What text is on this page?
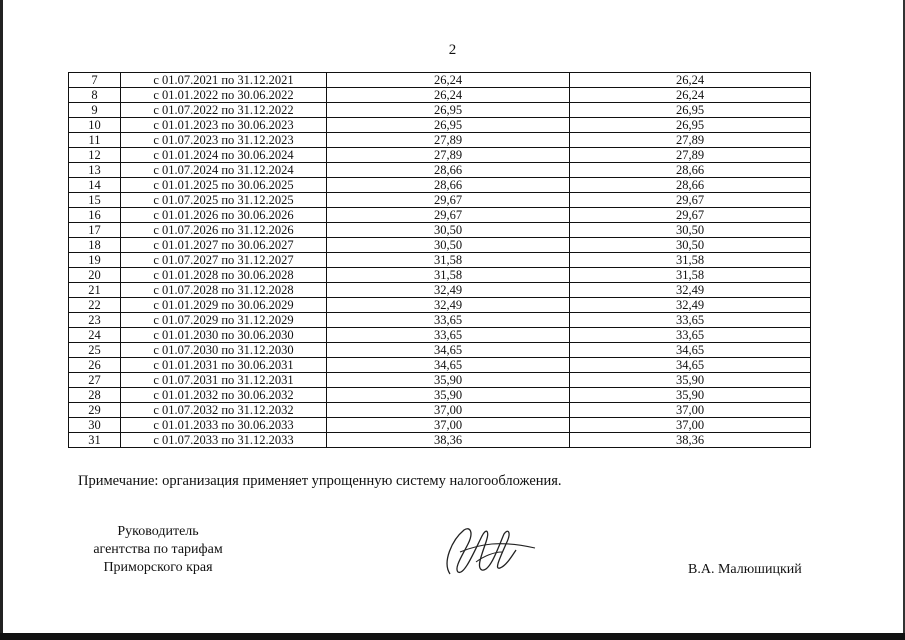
2
7	с 01.07.2021 по 31.12.2021	26,24	26,24
8	с 01.01.2022 по 30.06.2022	26,24	26,24
9	с 01.07.2022 по 31.12.2022	26,95	26,95
10	с 01.01.2023 по 30.06.2023	26,95	26,95
11	с 01.07.2023 по 31.12.2023	27,89	27,89
12	с 01.01.2024 по 30.06.2024	27,89	27,89
13	с 01.07.2024 по 31.12.2024	28,66	28,66
14	с 01.01.2025 по 30.06.2025	28,66	28,66
15	с 01.07.2025 по 31.12.2025	29,67	29,67
16	с 01.01.2026 по 30.06.2026	29,67	29,67
17	с 01.07.2026 по 31.12.2026	30,50	30,50
18	с 01.01.2027 по 30.06.2027	30,50	30,50
19	с 01.07.2027 по 31.12.2027	31,58	31,58
20	с 01.01.2028 по 30.06.2028	31,58	31,58
21	с 01.07.2028 по 31.12.2028	32,49	32,49
22	с 01.01.2029 по 30.06.2029	32,49	32,49
23	с 01.07.2029 по 31.12.2029	33,65	33,65
24	с 01.01.2030 по 30.06.2030	33,65	33,65
25	с 01.07.2030 по 31.12.2030	34,65	34,65
26	с 01.01.2031 по 30.06.2031	34,65	34,65
27	с 01.07.2031 по 31.12.2031	35,90	35,90
28	с 01.01.2032 по 30.06.2032	35,90	35,90
29	с 01.07.2032 по 31.12.2032	37,00	37,00
30	с 01.01.2033 по 30.06.2033	37,00	37,00
31	с 01.07.2033 по 31.12.2033	38,36	38,36
Примечание: организация применяет упрощенную систему налогообложения.
Руководитель
агентства по тарифам
Приморского края	В.А. Малюшицкий
